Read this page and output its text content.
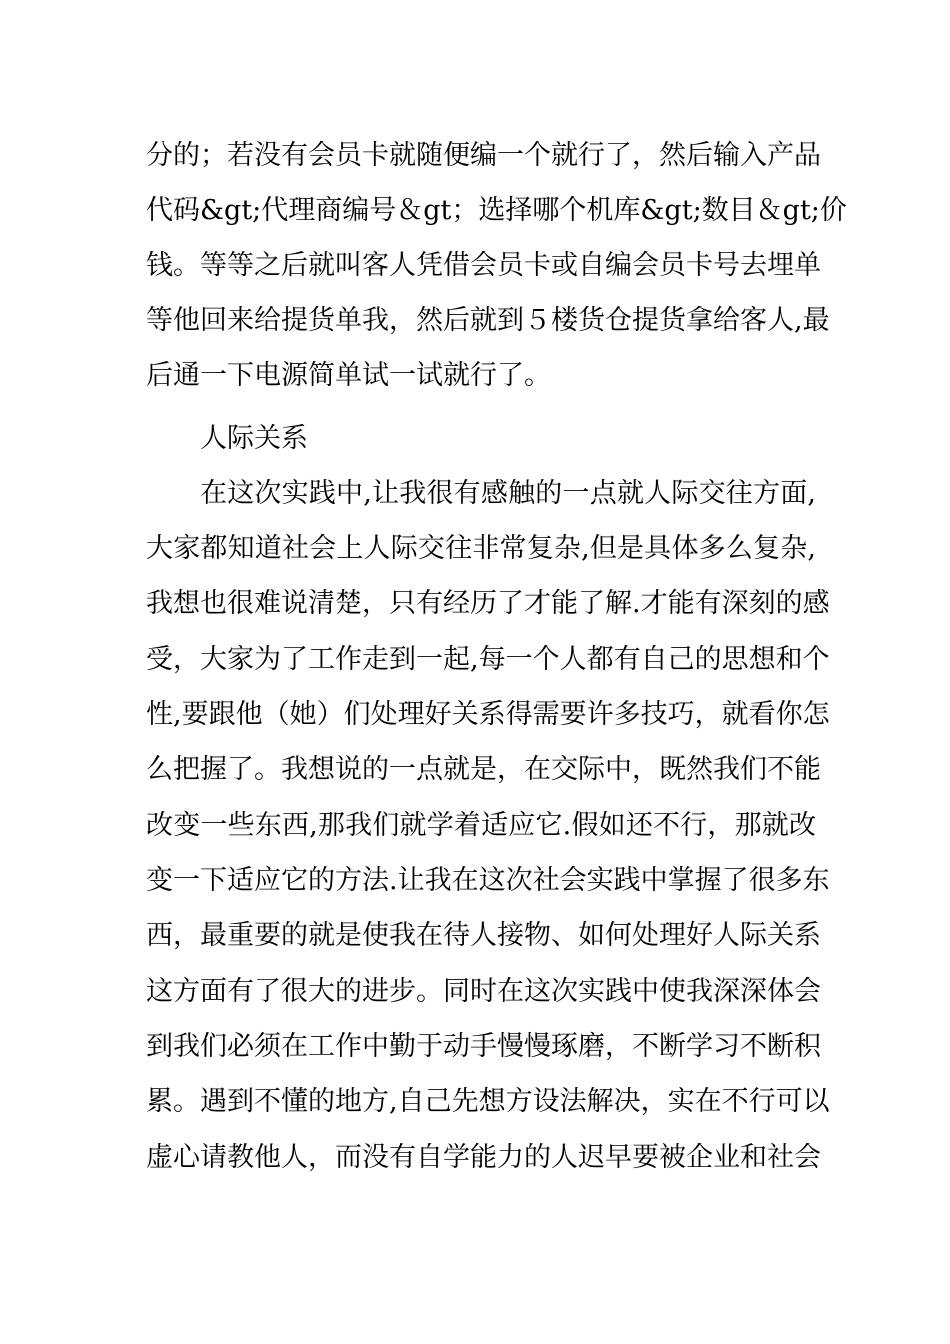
分的；若没有会员卡就随便编一个就行了，然后输入产品
代码&gt;代理商编号＆gt；选择哪个机库&gt;数目＆gt;价
钱。等等之后就叫客人凭借会员卡或自编会员卡号去埋单
等他回来给提货单我，然后就到５楼货仓提货拿给客人,最
后通一下电源简单试一试就行了。
人际关系
在这次实践中,让我很有感触的一点就人际交往方面,
大家都知道社会上人际交往非常复杂,但是具体多么复杂,
我想也很难说清楚，只有经历了才能了解.才能有深刻的感
受，大家为了工作走到一起,每一个人都有自己的思想和个
性,要跟他（她）们处理好关系得需要许多技巧，就看你怎
么把握了。我想说的一点就是，在交际中，既然我们不能
改变一些东西,那我们就学着适应它.假如还不行，那就改
变一下适应它的方法.让我在这次社会实践中掌握了很多东
西，最重要的就是使我在待人接物、如何处理好人际关系
这方面有了很大的进步。同时在这次实践中使我深深体会
到我们必须在工作中勤于动手慢慢琢磨，不断学习不断积
累。遇到不懂的地方,自己先想方设法解决，实在不行可以
虚心请教他人，而没有自学能力的人迟早要被企业和社会
